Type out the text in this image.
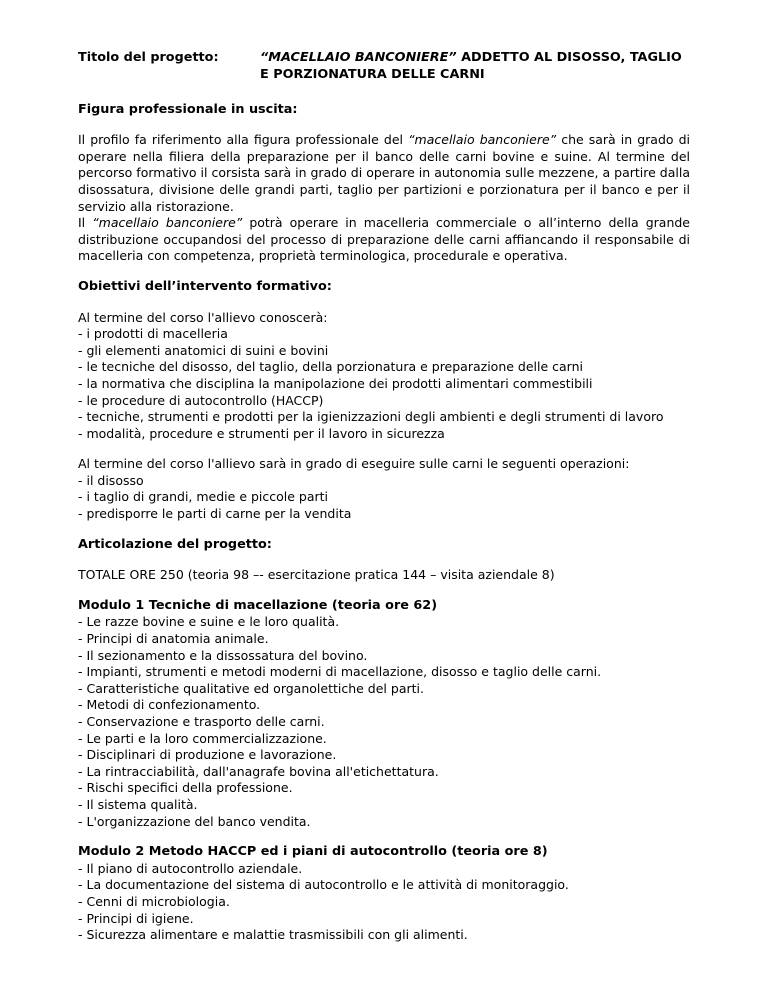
Titolo del progetto:	“MACELLAIO BANCONIERE” ADDETTO AL DISOSSO, TAGLIO E PORZIONATURA DELLE CARNI

Figura professionale in uscita:

Il profilo fa riferimento alla figura professionale del “macellaio banconiere” che sarà in grado di operare nella filiera della preparazione per il banco delle carni bovine e suine. Al termine del percorso formativo il corsista sarà in grado di operare in autonomia sulle mezzene, a partire dalla disossatura, divisione delle grandi parti, taglio per partizioni e porzionatura per il banco e per il servizio alla ristorazione.

Il “macellaio banconiere” potrà operare in macelleria commerciale o all’interno della grande distribuzione occupandosi del processo di preparazione delle carni affiancando il responsabile di macelleria con competenza, proprietà terminologica, procedurale e operativa.

Obiettivi dell’intervento formativo:

Al termine del corso l'allievo conoscerà:

- i prodotti di macelleria
- gli elementi anatomici di suini e bovini
- le tecniche del disosso, del taglio, della porzionatura e preparazione delle carni
- la normativa che disciplina la manipolazione dei prodotti alimentari commestibili
- le procedure di autocontrollo (HACCP)
- tecniche, strumenti e prodotti per la igienizzazioni degli ambienti e degli strumenti di lavoro
- modalità, procedure e strumenti per il lavoro in sicurezza

Al termine del corso l'allievo sarà in grado di eseguire sulle carni le seguenti operazioni:

- il disosso
- i taglio di grandi, medie e piccole parti
- predisporre le parti di carne per la vendita

Articolazione del progetto:

TOTALE ORE 250 (teoria 98 –- esercitazione pratica 144 – visita aziendale 8)

Modulo 1 Tecniche di macellazione (teoria ore 62)

- Le razze bovine e suine e le loro qualità.
- Principi di anatomia animale.
- Il sezionamento e la dissossatura del bovino.
- Impianti, strumenti e metodi moderni di macellazione, disosso e taglio delle carni.
- Caratteristiche qualitative ed organolettiche del parti.
- Metodi di confezionamento.
- Conservazione e trasporto delle carni.
- Le parti e la loro commercializzazione.
- Disciplinari di produzione e lavorazione.
- La rintracciabilità, dall'anagrafe bovina all'etichettatura.
- Rischi specifici della professione.
- Il sistema qualità.
- L'organizzazione del banco vendita.

Modulo 2 Metodo HACCP ed i piani di autocontrollo (teoria ore 8)

- Il piano di autocontrollo aziendale.
- La documentazione del sistema di autocontrollo e le attività di monitoraggio.
- Cenni di microbiologia.
- Principi di igiene.
- Sicurezza alimentare e malattie trasmissibili con gli alimenti.
